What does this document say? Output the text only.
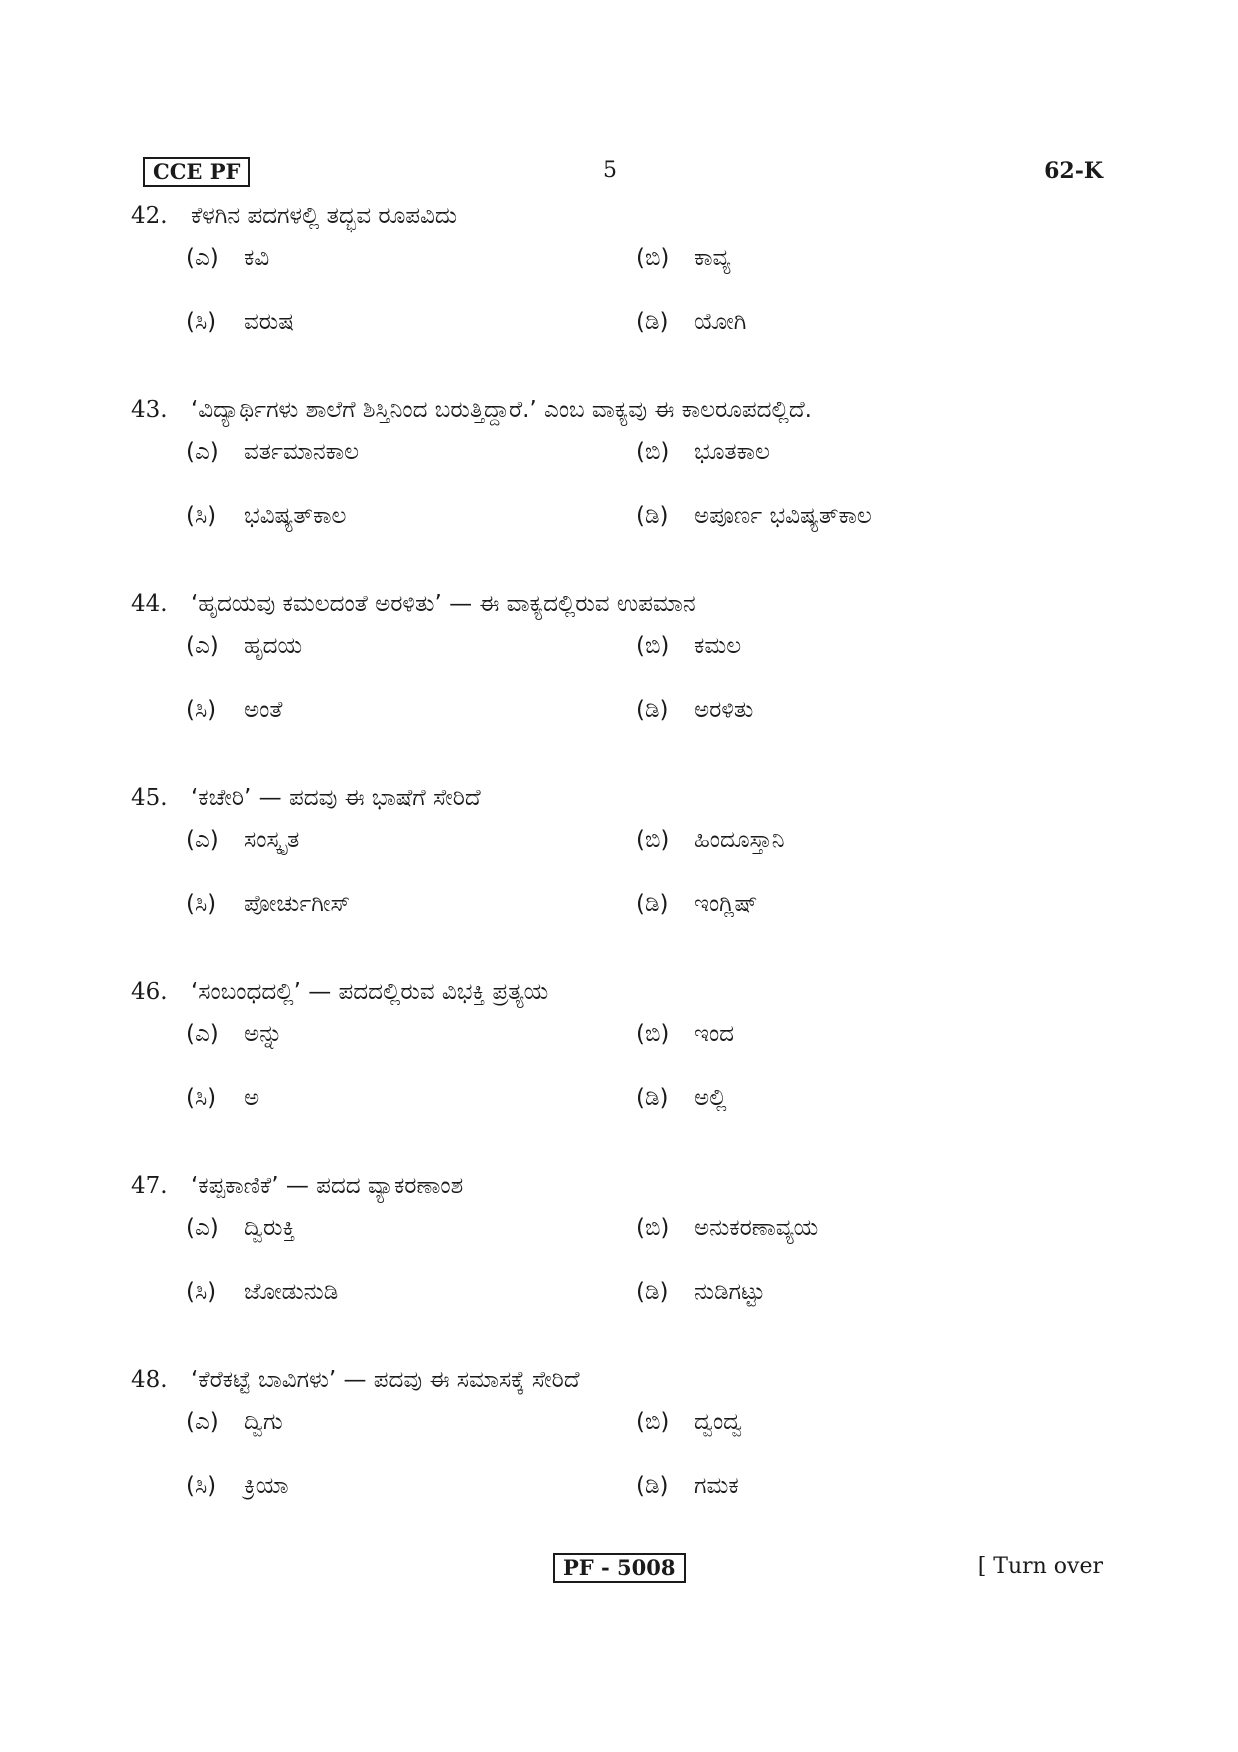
CCE PF	5	62-K
42.	ಕೆಳಗಿನ ಪದಗಳಲ್ಲಿ ತದ್ಭವ ರೂಪವಿದು
(ಎ)	ಕವಿ	(ಬಿ)	ಕಾವ್ಯ
(ಸಿ)	ವರುಷ	(ಡಿ)	ಯೋಗಿ
43.	‘ವಿದ್ಯಾರ್ಥಿಗಳು ಶಾಲೆಗೆ ಶಿಸ್ತಿನಿಂದ ಬರುತ್ತಿದ್ದಾರೆ.’ ಎಂಬ ವಾಕ್ಯವು ಈ ಕಾಲರೂಪದಲ್ಲಿದೆ.
(ಎ)	ವರ್ತಮಾನಕಾಲ	(ಬಿ)	ಭೂತಕಾಲ
(ಸಿ)	ಭವಿಷ್ಯತ್‌ಕಾಲ	(ಡಿ)	ಅಪೂರ್ಣ ಭವಿಷ್ಯತ್‌ಕಾಲ
44.	‘ಹೃದಯವು ಕಮಲದಂತೆ ಅರಳಿತು’ — ಈ ವಾಕ್ಯದಲ್ಲಿರುವ ಉಪಮಾನ
(ಎ)	ಹೃದಯ	(ಬಿ)	ಕಮಲ
(ಸಿ)	ಅಂತೆ	(ಡಿ)	ಅರಳಿತು
45.	‘ಕಚೇರಿ’ — ಪದವು ಈ ಭಾಷೆಗೆ ಸೇರಿದೆ
(ಎ)	ಸಂಸ್ಕೃತ	(ಬಿ)	ಹಿಂದೂಸ್ತಾನಿ
(ಸಿ)	ಪೋರ್ಚುಗೀಸ್	(ಡಿ)	ಇಂಗ್ಲಿಷ್
46.	‘ಸಂಬಂಧದಲ್ಲಿ’ — ಪದದಲ್ಲಿರುವ ವಿಭಕ್ತಿ ಪ್ರತ್ಯಯ
(ಎ)	ಅನ್ನು	(ಬಿ)	ಇಂದ
(ಸಿ)	ಅ	(ಡಿ)	ಅಲ್ಲಿ
47.	‘ಕಪ್ಪಕಾಣಿಕೆ’ — ಪದದ ವ್ಯಾಕರಣಾಂಶ
(ಎ)	ದ್ವಿರುಕ್ತಿ	(ಬಿ)	ಅನುಕರಣಾವ್ಯಯ
(ಸಿ)	ಜೋಡುನುಡಿ	(ಡಿ)	ನುಡಿಗಟ್ಟು
48.	‘ಕೆರೆಕಟ್ಟೆ ಬಾವಿಗಳು’ — ಪದವು ಈ ಸಮಾಸಕ್ಕೆ ಸೇರಿದೆ
(ಎ)	ದ್ವಿಗು	(ಬಿ)	ದ್ವಂದ್ವ
(ಸಿ)	ಕ್ರಿಯಾ	(ಡಿ)	ಗಮಕ
PF - 5008	[ Turn over
